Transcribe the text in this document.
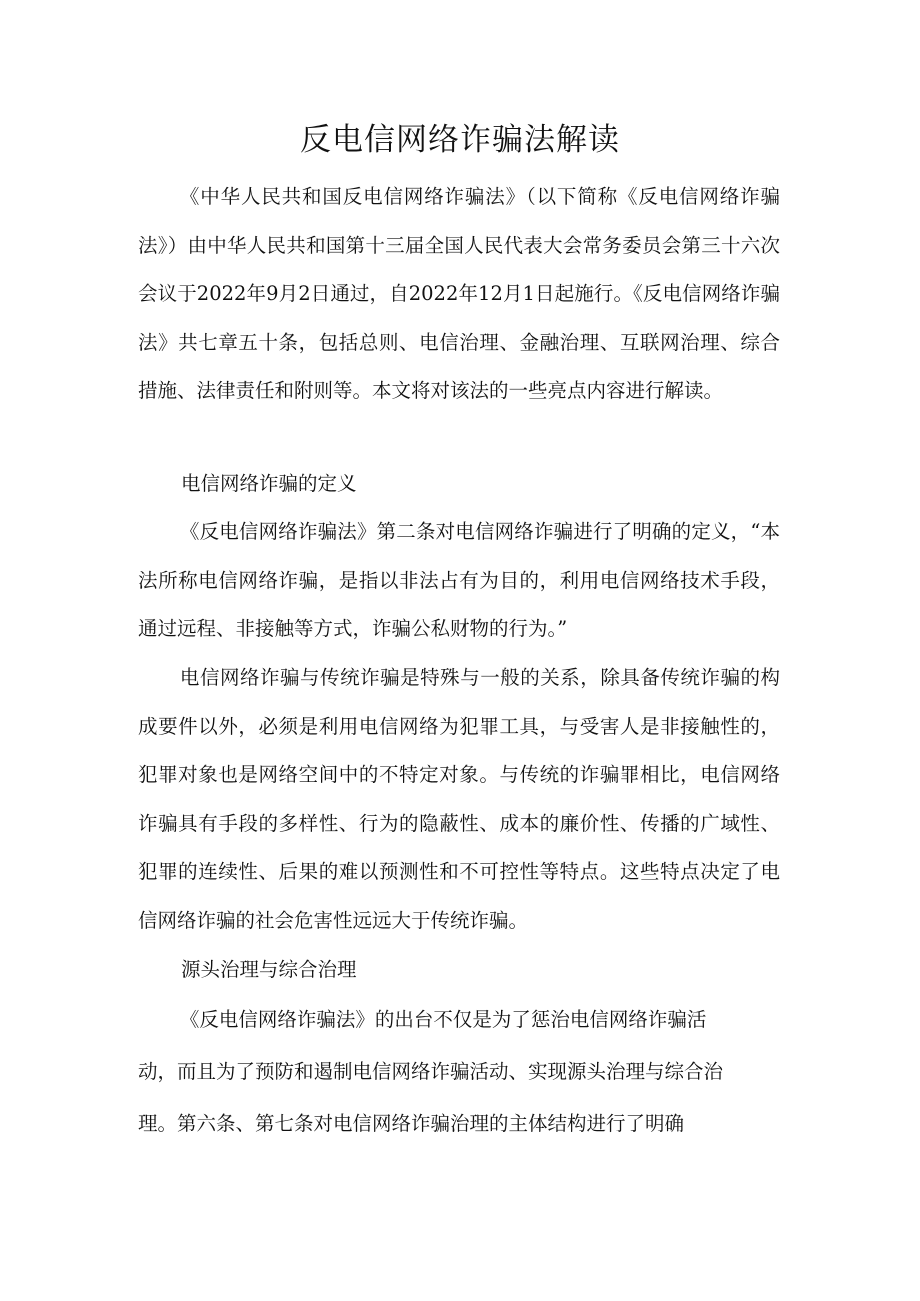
反电信网络诈骗法解读

《中华人民共和国反电信网络诈骗法》（以下简称《反电信网络诈骗法》）由中华人民共和国第十三届全国人民代表大会常务委员会第三十六次会议于2022年9月2日通过，自2022年12月1日起施行。《反电信网络诈骗法》共七章五十条，包括总则、电信治理、金融治理、互联网治理、综合措施、法律责任和附则等。本文将对该法的一些亮点内容进行解读。

电信网络诈骗的定义

《反电信网络诈骗法》第二条对电信网络诈骗进行了明确的定义，“本法所称电信网络诈骗，是指以非法占有为目的，利用电信网络技术手段，通过远程、非接触等方式，诈骗公私财物的行为。”

电信网络诈骗与传统诈骗是特殊与一般的关系，除具备传统诈骗的构成要件以外，必须是利用电信网络为犯罪工具，与受害人是非接触性的，犯罪对象也是网络空间中的不特定对象。与传统的诈骗罪相比，电信网络诈骗具有手段的多样性、行为的隐蔽性、成本的廉价性、传播的广域性、犯罪的连续性、后果的难以预测性和不可控性等特点。这些特点决定了电信网络诈骗的社会危害性远远大于传统诈骗。

源头治理与综合治理

《反电信网络诈骗法》的出台不仅是为了惩治电信网络诈骗活动，而且为了预防和遏制电信网络诈骗活动、实现源头治理与综合治理。第六条、第七条对电信网络诈骗治理的主体结构进行了明确
